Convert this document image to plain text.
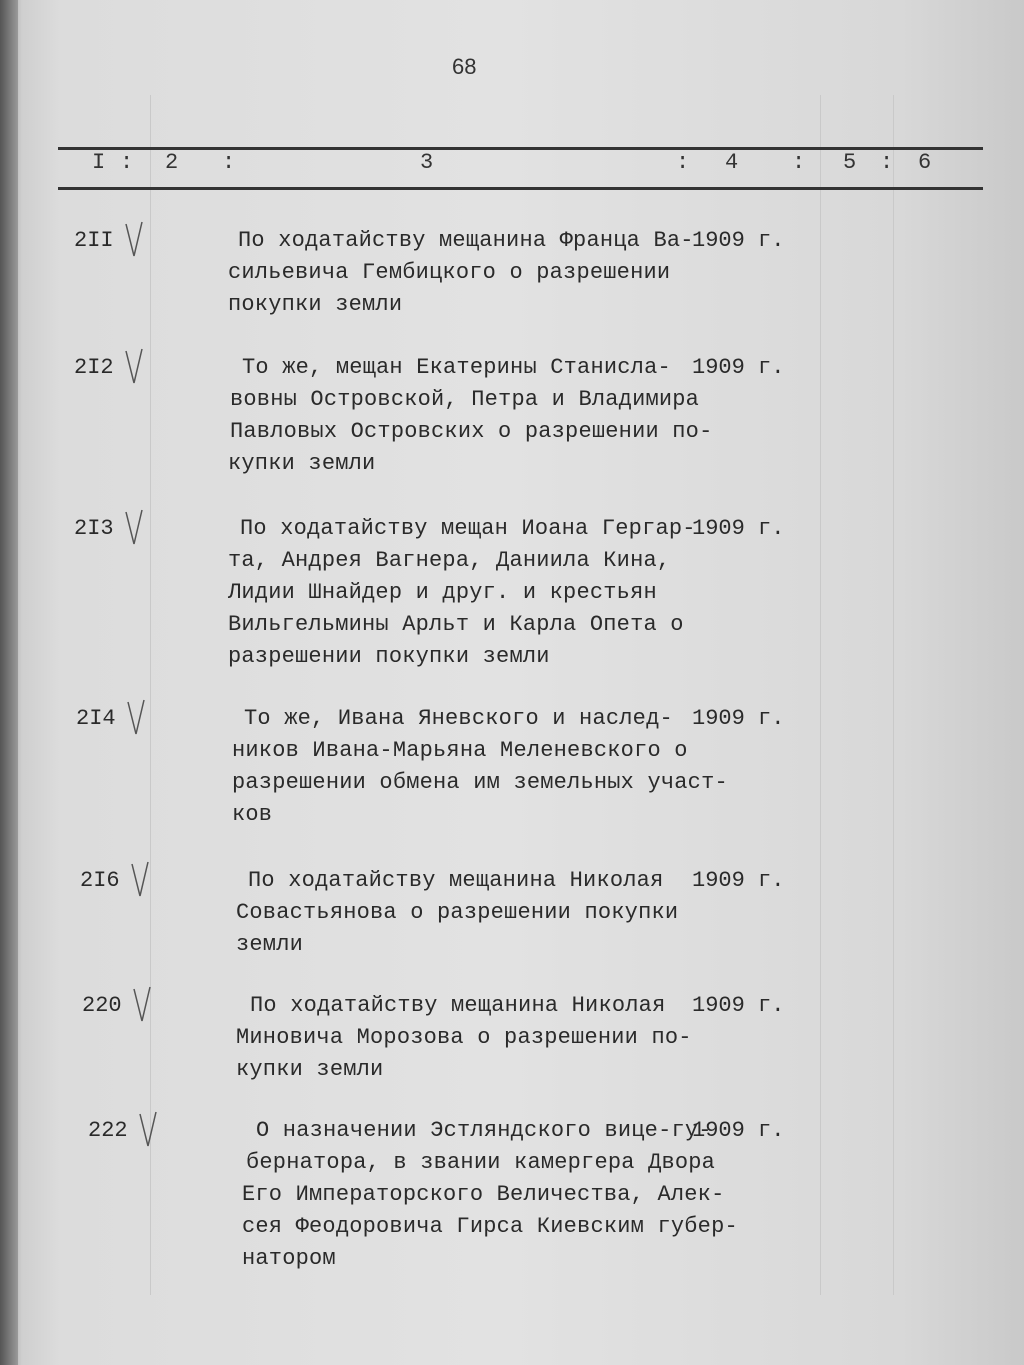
68
I : 2 :	3	: 4 : 5 : 6
2II	По ходатайству мещанина Франца Ва-
сильевича Гембицкого о разрешении
покупки земли
1909 г.
2I2	То же, мещан Екатерины Станисла-
вовны Островской, Петра и Владимира
Павловых Островских о разрешении по-
купки земли
1909 г.
2I3	По ходатайству мещан Иоана Гергар-
та, Андрея Вагнера, Даниила Кина,
Лидии Шнайдер и друг. и крестьян
Вильгельмины Арльт и Карла Опета о
разрешении покупки земли
1909 г.
2I4	То же, Ивана Яневского и наслед-
ников Ивана-Марьяна Меленевского о
разрешении обмена им земельных участ-
ков
1909 г.
2I6	По ходатайству мещанина Николая
Совастьянова о разрешении покупки
земли
1909 г.
220	По ходатайству мещанина Николая
Миновича Морозова о разрешении по-
купки земли
1909 г.
222	О назначении Эстляндского вице-гу-
бернатора, в звании камергера Двора
Его Императорского Величества, Алек-
сея Феодоровича Гирса Киевским губер-
натором
1909 г.
